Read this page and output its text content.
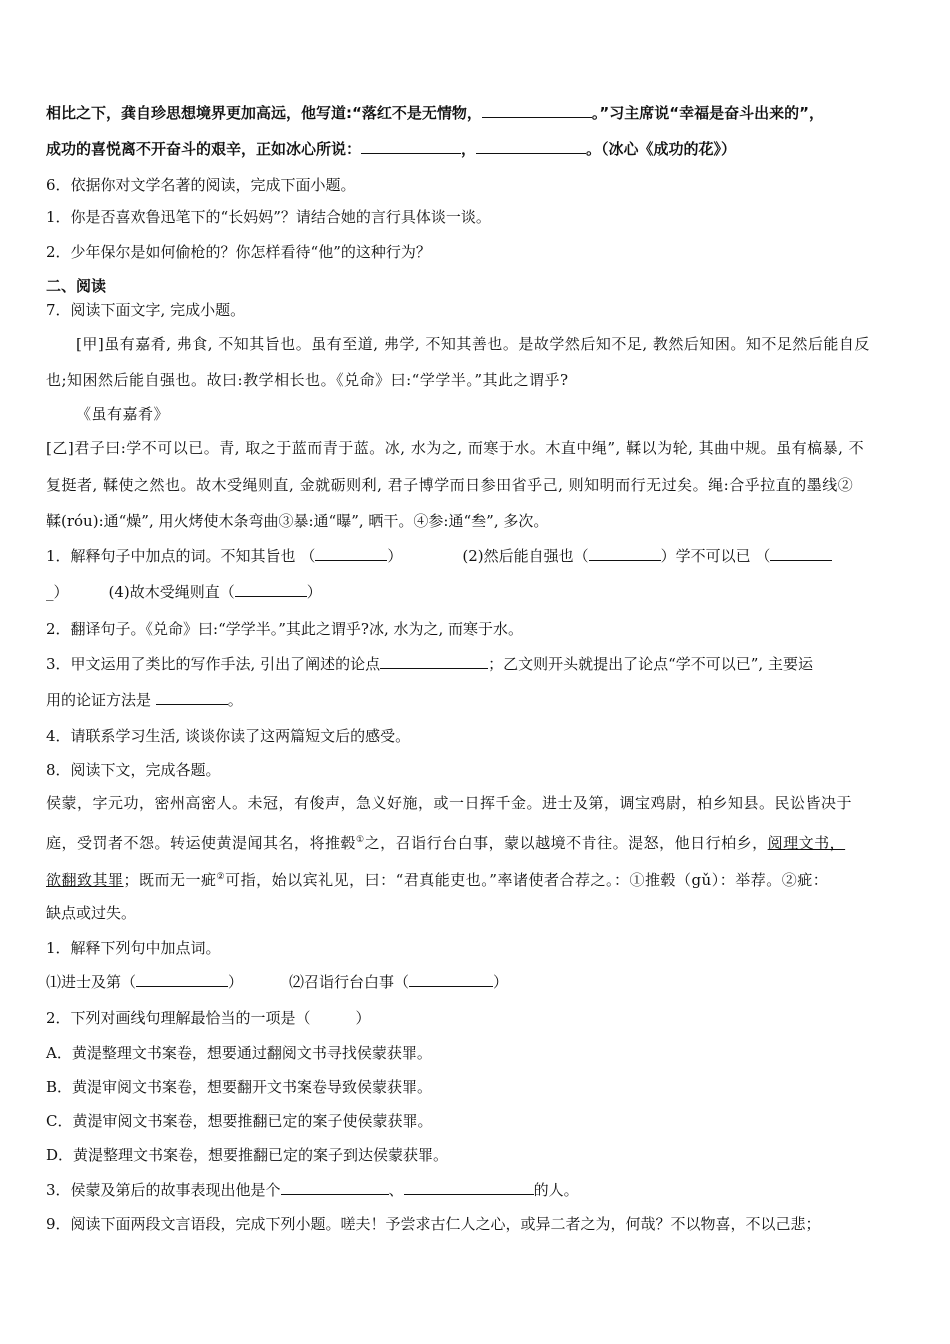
相比之下，龚自珍思想境界更加高远，他写道:“落红不是无情物，	。”习主席说“幸福是奋斗出来的”，
成功的喜悦离不开奋斗的艰辛，正如冰心所说：	，	。（冰心《成功的花》）
6．依据你对文学名著的阅读，完成下面小题。
1．你是否喜欢鲁迅笔下的“长妈妈”？请结合她的言行具体谈一谈。
2．少年保尔是如何偷枪的？你怎样看待“他”的这种行为？
二、阅读
7．阅读下面文字, 完成小题。
[甲]虽有嘉肴, 弗食, 不知其旨也。虽有至道, 弗学, 不知其善也。是故学然后知不足, 教然后知困。知不足然后能自反
也;知困然后能自强也。故曰:教学相长也。《兑命》曰:“学学半。”其此之谓乎?
《虽有嘉肴》
[乙]君子曰:学不可以已。青, 取之于蓝而青于蓝。冰, 水为之, 而寒于水。木直中绳”, 鞣以为轮, 其曲中规。虽有槁暴, 不
复挺者, 鞣使之然也。故木受绳则直, 金就砺则利, 君子博学而日参田省乎己, 则知明而行无过矣。绳:合乎拉直的墨线②
鞣(róu):通“燥”, 用火烤使木条弯曲③暴:通“曝”, 晒干。④参:通“叁”, 多次。
1．解释句子中加点的词。不知其旨也 （	）	(2)然后能自强也（	）学不可以已 （
_）	(4)故木受绳则直（	）
2．翻译句子。《兑命》曰:“学学半。”其此之谓乎?冰, 水为之, 而寒于水。
3．甲文运用了类比的写作手法, 引出了阐述的论点	；乙文则开头就提出了论点“学不可以已”, 主要运
用的论证方法是	。
4．请联系学习生活, 谈谈你读了这两篇短文后的感受。
8．阅读下文，完成各题。
侯蒙，字元功，密州高密人。未冠，有俊声，急义好施，或一日挥千金。进士及第，调宝鸡尉，柏乡知县。民讼皆决于
庭，受罚者不怨。转运使黄湜闻其名，将推毂①之，召诣行台白事，蒙以越境不肯往。湜怒，他日行柏乡，阅理文书，
欲翻致其罪；既而无一疵②可指，始以宾礼见，曰：“君真能吏也。”率诸使者合荐之。：①推毂（gǔ）：举荐。②疵：
缺点或过失。
1．解释下列句中加点词。
⑴进士及第（	）	⑵召诣行台白事（	）
2．下列对画线句理解最恰当的一项是（　　　）
A．黄湜整理文书案卷，想要通过翻阅文书寻找侯蒙获罪。
B．黄湜审阅文书案卷，想要翻开文书案卷导致侯蒙获罪。
C．黄湜审阅文书案卷，想要推翻已定的案子使侯蒙获罪。
D．黄湜整理文书案卷，想要推翻已定的案子到达侯蒙获罪。
3．侯蒙及第后的故事表现出他是个	、	的人。
9．阅读下面两段文言语段，完成下列小题。嗟夫！予尝求古仁人之心，或异二者之为，何哉？不以物喜，不以己悲；
